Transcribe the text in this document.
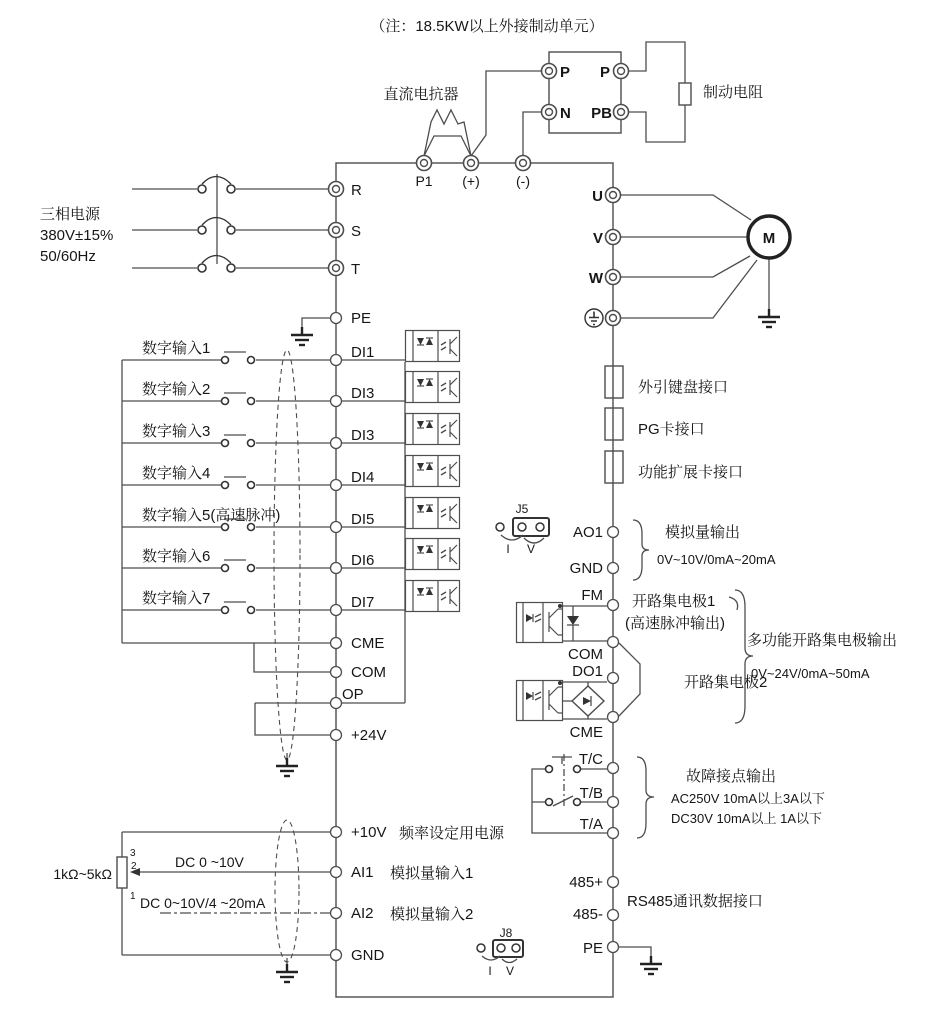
（注：18.5KW以上外接制动单元）
直流电抗器	制动电阻
P
N
P
PB
P1 (+)	(-)
三相电源
380V±15%
50/60Hz
R
S
T
PE
U
V
W
M
外引键盘接口
PG卡接口
功能扩展卡接口
数字输入1
数字输入2
数字输入3
数字输入4
数字输入5(高速脉冲)
数字输入6
数字输入7
DI1
DI3
DI3
DI4
DI5
DI6
DI7
CME
COM
OP
+24V
1kΩ~5kΩ
3
2
1
DC 0 ~10V
DC 0~10V/4 ~20mA
+10V 频率设定用电源
AI1 模拟量输入1
AI2 模拟量输入2
GND
J5
I V
AO1
GND
模拟量输出
0V~10V/0mA~20mA
FM
COM
DO1
CME
开路集电极1
(高速脉冲输出)
开路集电极2
多功能开路集电极输出
0V~24V/0mA~50mA
T/C
T/B
T/A
故障接点输出
AC250V 10mA以上3A以下
DC30V 10mA以上 1A以下
485+
485-
PE
RS485通讯数据接口
J8
I V
